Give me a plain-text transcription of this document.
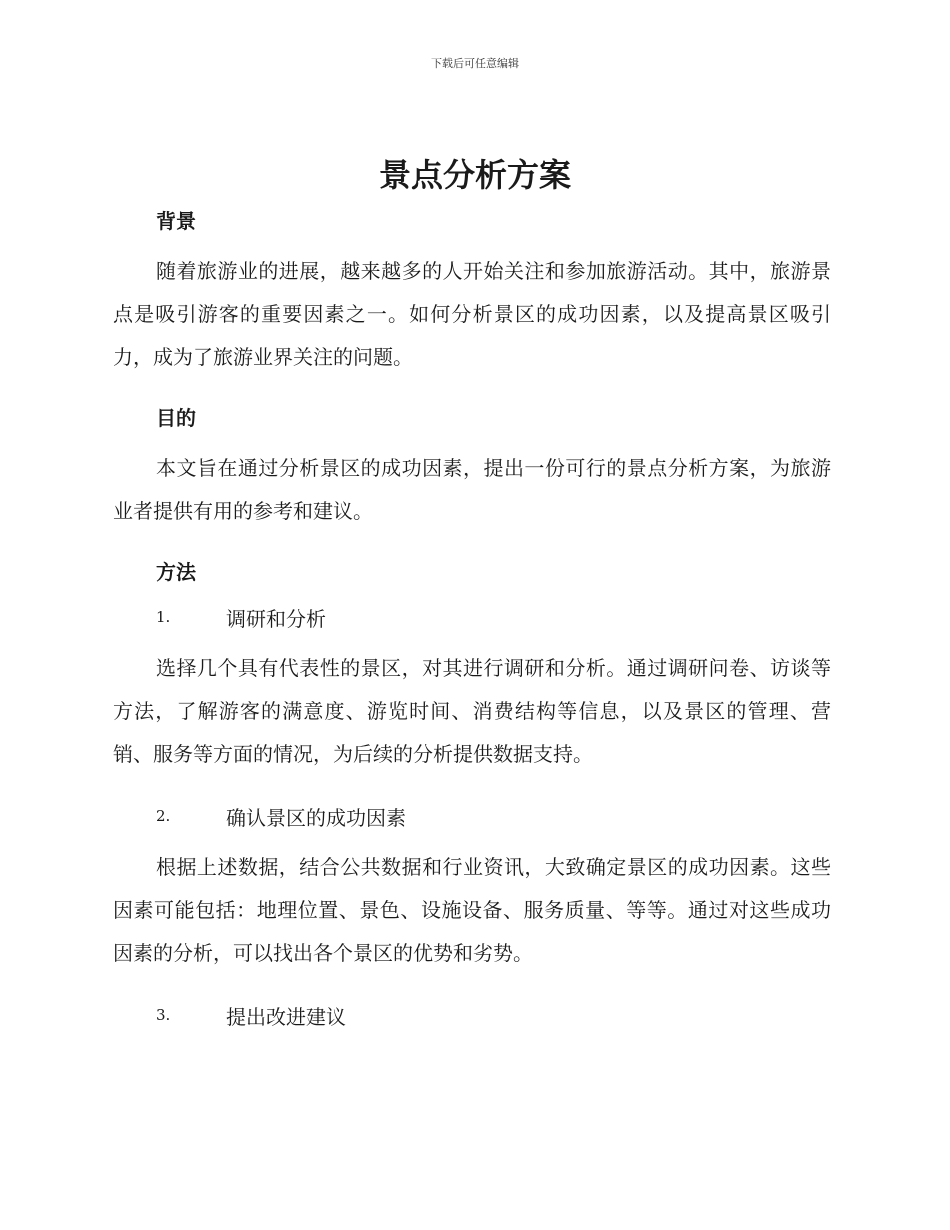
下载后可任意编辑
景点分析方案
背景

随着旅游业的进展，越来越多的人开始关注和参加旅游活动。其中，旅游景点是吸引游客的重要因素之一。如何分析景区的成功因素，以及提高景区吸引力，成为了旅游业界关注的问题。

目的

本文旨在通过分析景区的成功因素，提出一份可行的景点分析方案，为旅游业者提供有用的参考和建议。

方法
1.	调研和分析

选择几个具有代表性的景区，对其进行调研和分析。通过调研问卷、访谈等方法，了解游客的满意度、游览时间、消费结构等信息，以及景区的管理、营销、服务等方面的情况，为后续的分析提供数据支持。

2.	确认景区的成功因素

根据上述数据，结合公共数据和行业资讯，大致确定景区的成功因素。这些因素可能包括：地理位置、景色、设施设备、服务质量、等等。通过对这些成功因素的分析，可以找出各个景区的优势和劣势。

3.	提出改进建议
